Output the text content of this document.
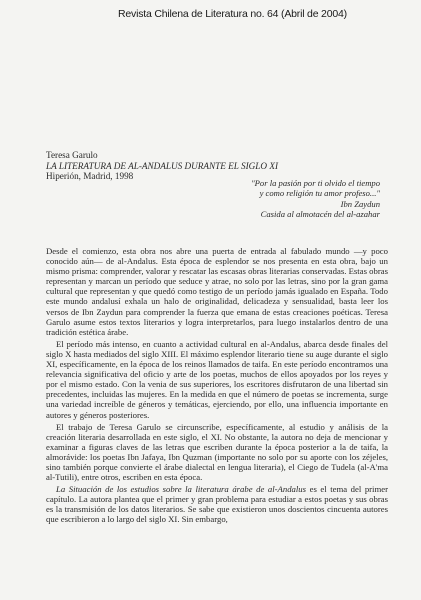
Revista Chilena de Literatura no. 64 (Abril de 2004)
Teresa Garulo
LA LITERATURA DE AL-ANDALUS DURANTE EL SIGLO XI
Hiperión, Madrid, 1998
"Por la pasión por ti olvido el tiempo
y como religión tu amor profeso..."
Ibn Zaydun
Casida al almotacén del al-azahar

Desde el comienzo, esta obra nos abre una puerta de entrada al fabulado mundo —y poco conocido aún— de al-Andalus. Esta época de esplendor se nos presenta en esta obra, bajo un mismo prisma: comprender, valorar y rescatar las escasas obras literarias conservadas. Estas obras representan y marcan un período que seduce y atrae, no solo por las letras, sino por la gran gama cultural que representan y que quedó como testigo de un período jamás igualado en España. Todo este mundo andalusí exhala un halo de originalidad, delicadeza y sensualidad, basta leer los versos de Ibn Zaydun para comprender la fuerza que emana de estas creaciones poéticas. Teresa Garulo asume estos textos literarios y logra interpretarlos, para luego instalarlos dentro de una tradición estética árabe.

El período más intenso, en cuanto a actividad cultural en al-Andalus, abarca desde finales del siglo X hasta mediados del siglo XIII. El máximo esplendor literario tiene su auge durante el siglo XI, específicamente, en la época de los reinos llamados de taifa. En este período encontramos una relevancia significativa del oficio y arte de los poetas, muchos de ellos apoyados por los reyes y por el mismo estado. Con la venia de sus superiores, los escritores disfrutaron de una libertad sin precedentes, incluidas las mujeres. En la medida en que el número de poetas se incrementa, surge una variedad increíble de géneros y temáticas, ejerciendo, por ello, una influencia importante en autores y géneros posteriores.

El trabajo de Teresa Garulo se circunscribe, específicamente, al estudio y análisis de la creación literaria desarrollada en este siglo, el XI. No obstante, la autora no deja de mencionar y examinar a figuras claves de las letras que escriben durante la época posterior a la de taifa, la almorávide: los poetas Ibn Jafaya, Ibn Quzman (importante no solo por su aporte con los zéjeles, sino también porque convierte el árabe dialectal en lengua literaria), el Ciego de Tudela (al-A'ma al-Tutili), entre otros, escriben en esta época.

La Situación de los estudios sobre la literatura árabe de al-Andalus es el tema del primer capítulo. La autora plantea que el primer y gran problema para estudiar a estos poetas y sus obras es la transmisión de los datos literarios. Se sabe que existieron unos doscientos cincuenta autores que escribieron a lo largo del siglo XI. Sin embargo,
